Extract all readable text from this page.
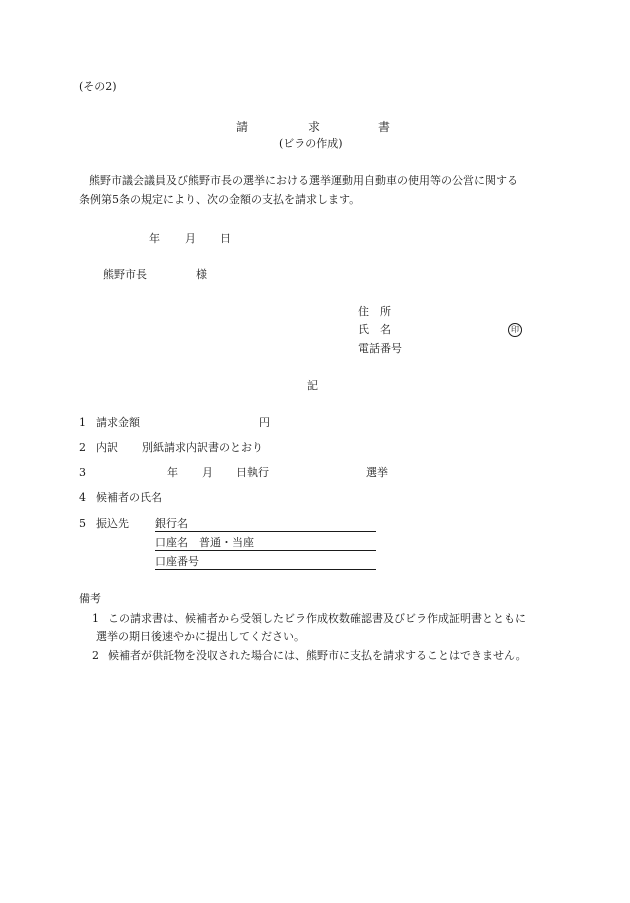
(その2)
請	求	書
(ビラの作成)
熊野市議会議員及び熊野市長の選挙における選挙運動用自動車の使用等の公営に関する
条例第5条の規定により、次の金額の支払を請求します。
年 月 日
熊野市長	様
住　所
氏　名	印
電話番号
記
1 請求金額	円
2 内訳 別紙請求内訳書のとおり
3	年 月 日執行	選挙
4 候補者の氏名
5 振込先 銀行名
口座名　普通・当座
口座番号
備考
1 この請求書は、候補者から受領したビラ作成枚数確認書及びビラ作成証明書とともに
選挙の期日後速やかに提出してください。
2 候補者が供託物を没収された場合には、熊野市に支払を請求することはできません。
